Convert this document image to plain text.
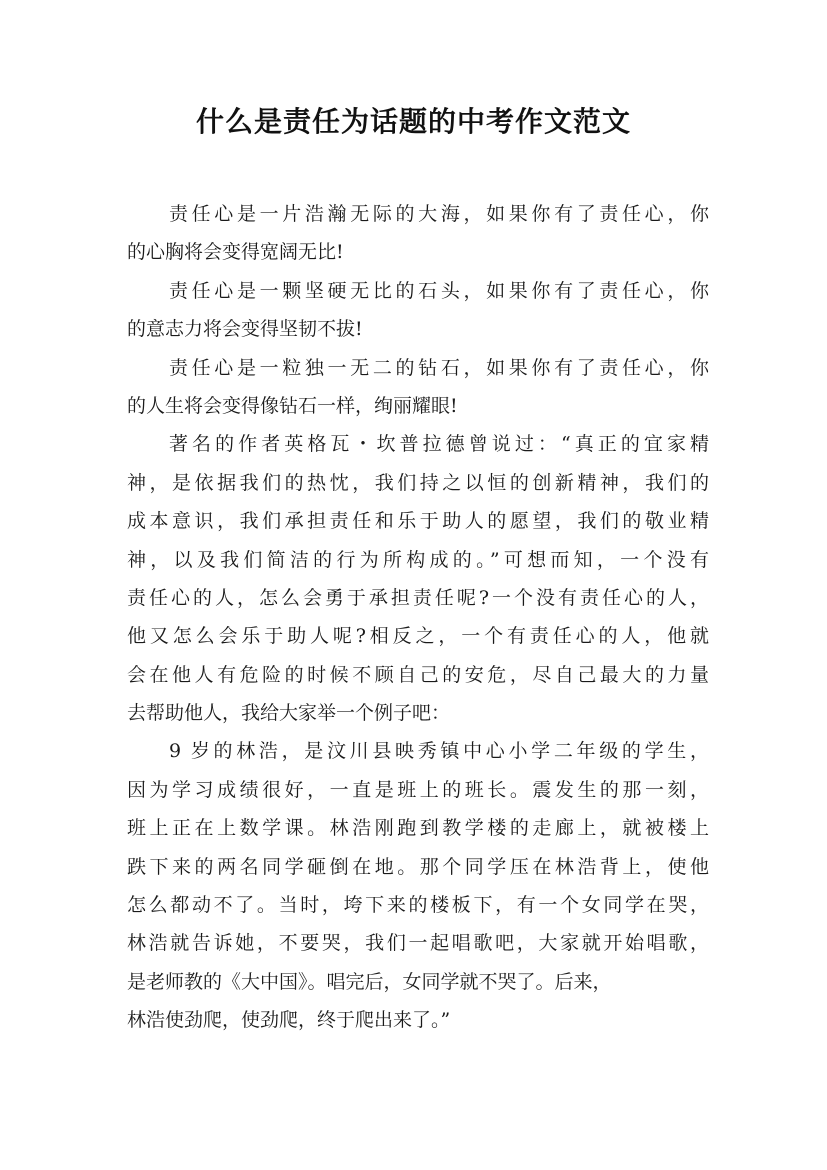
什么是责任为话题的中考作文范文
责任心是一片浩瀚无际的大海，如果你有了责任心，你
的心胸将会变得宽阔无比!
责任心是一颗坚硬无比的石头，如果你有了责任心，你
的意志力将会变得坚韧不拔!
责任心是一粒独一无二的钻石，如果你有了责任心，你
的人生将会变得像钻石一样，绚丽耀眼!
著名的作者英格瓦・坎普拉德曾说过：“真正的宜家精
神，是依据我们的热忱，我们持之以恒的创新精神，我们的
成本意识，我们承担责任和乐于助人的愿望，我们的敬业精
神，以及我们简洁的行为所构成的。”可想而知，一个没有
责任心的人，怎么会勇于承担责任呢?一个没有责任心的人，
他又怎么会乐于助人呢?相反之，一个有责任心的人，他就
会在他人有危险的时候不顾自己的安危，尽自己最大的力量
去帮助他人，我给大家举一个例子吧：
9 岁的林浩，是汶川县映秀镇中心小学二年级的学生，
因为学习成绩很好，一直是班上的班长。震发生的那一刻，
班上正在上数学课。林浩刚跑到教学楼的走廊上，就被楼上
跌下来的两名同学砸倒在地。那个同学压在林浩背上，使他
怎么都动不了。当时，垮下来的楼板下，有一个女同学在哭，
林浩就告诉她，不要哭，我们一起唱歌吧，大家就开始唱歌，
是老师教的《大中国》。唱完后，女同学就不哭了。后来，
林浩使劲爬，使劲爬，终于爬出来了。”
